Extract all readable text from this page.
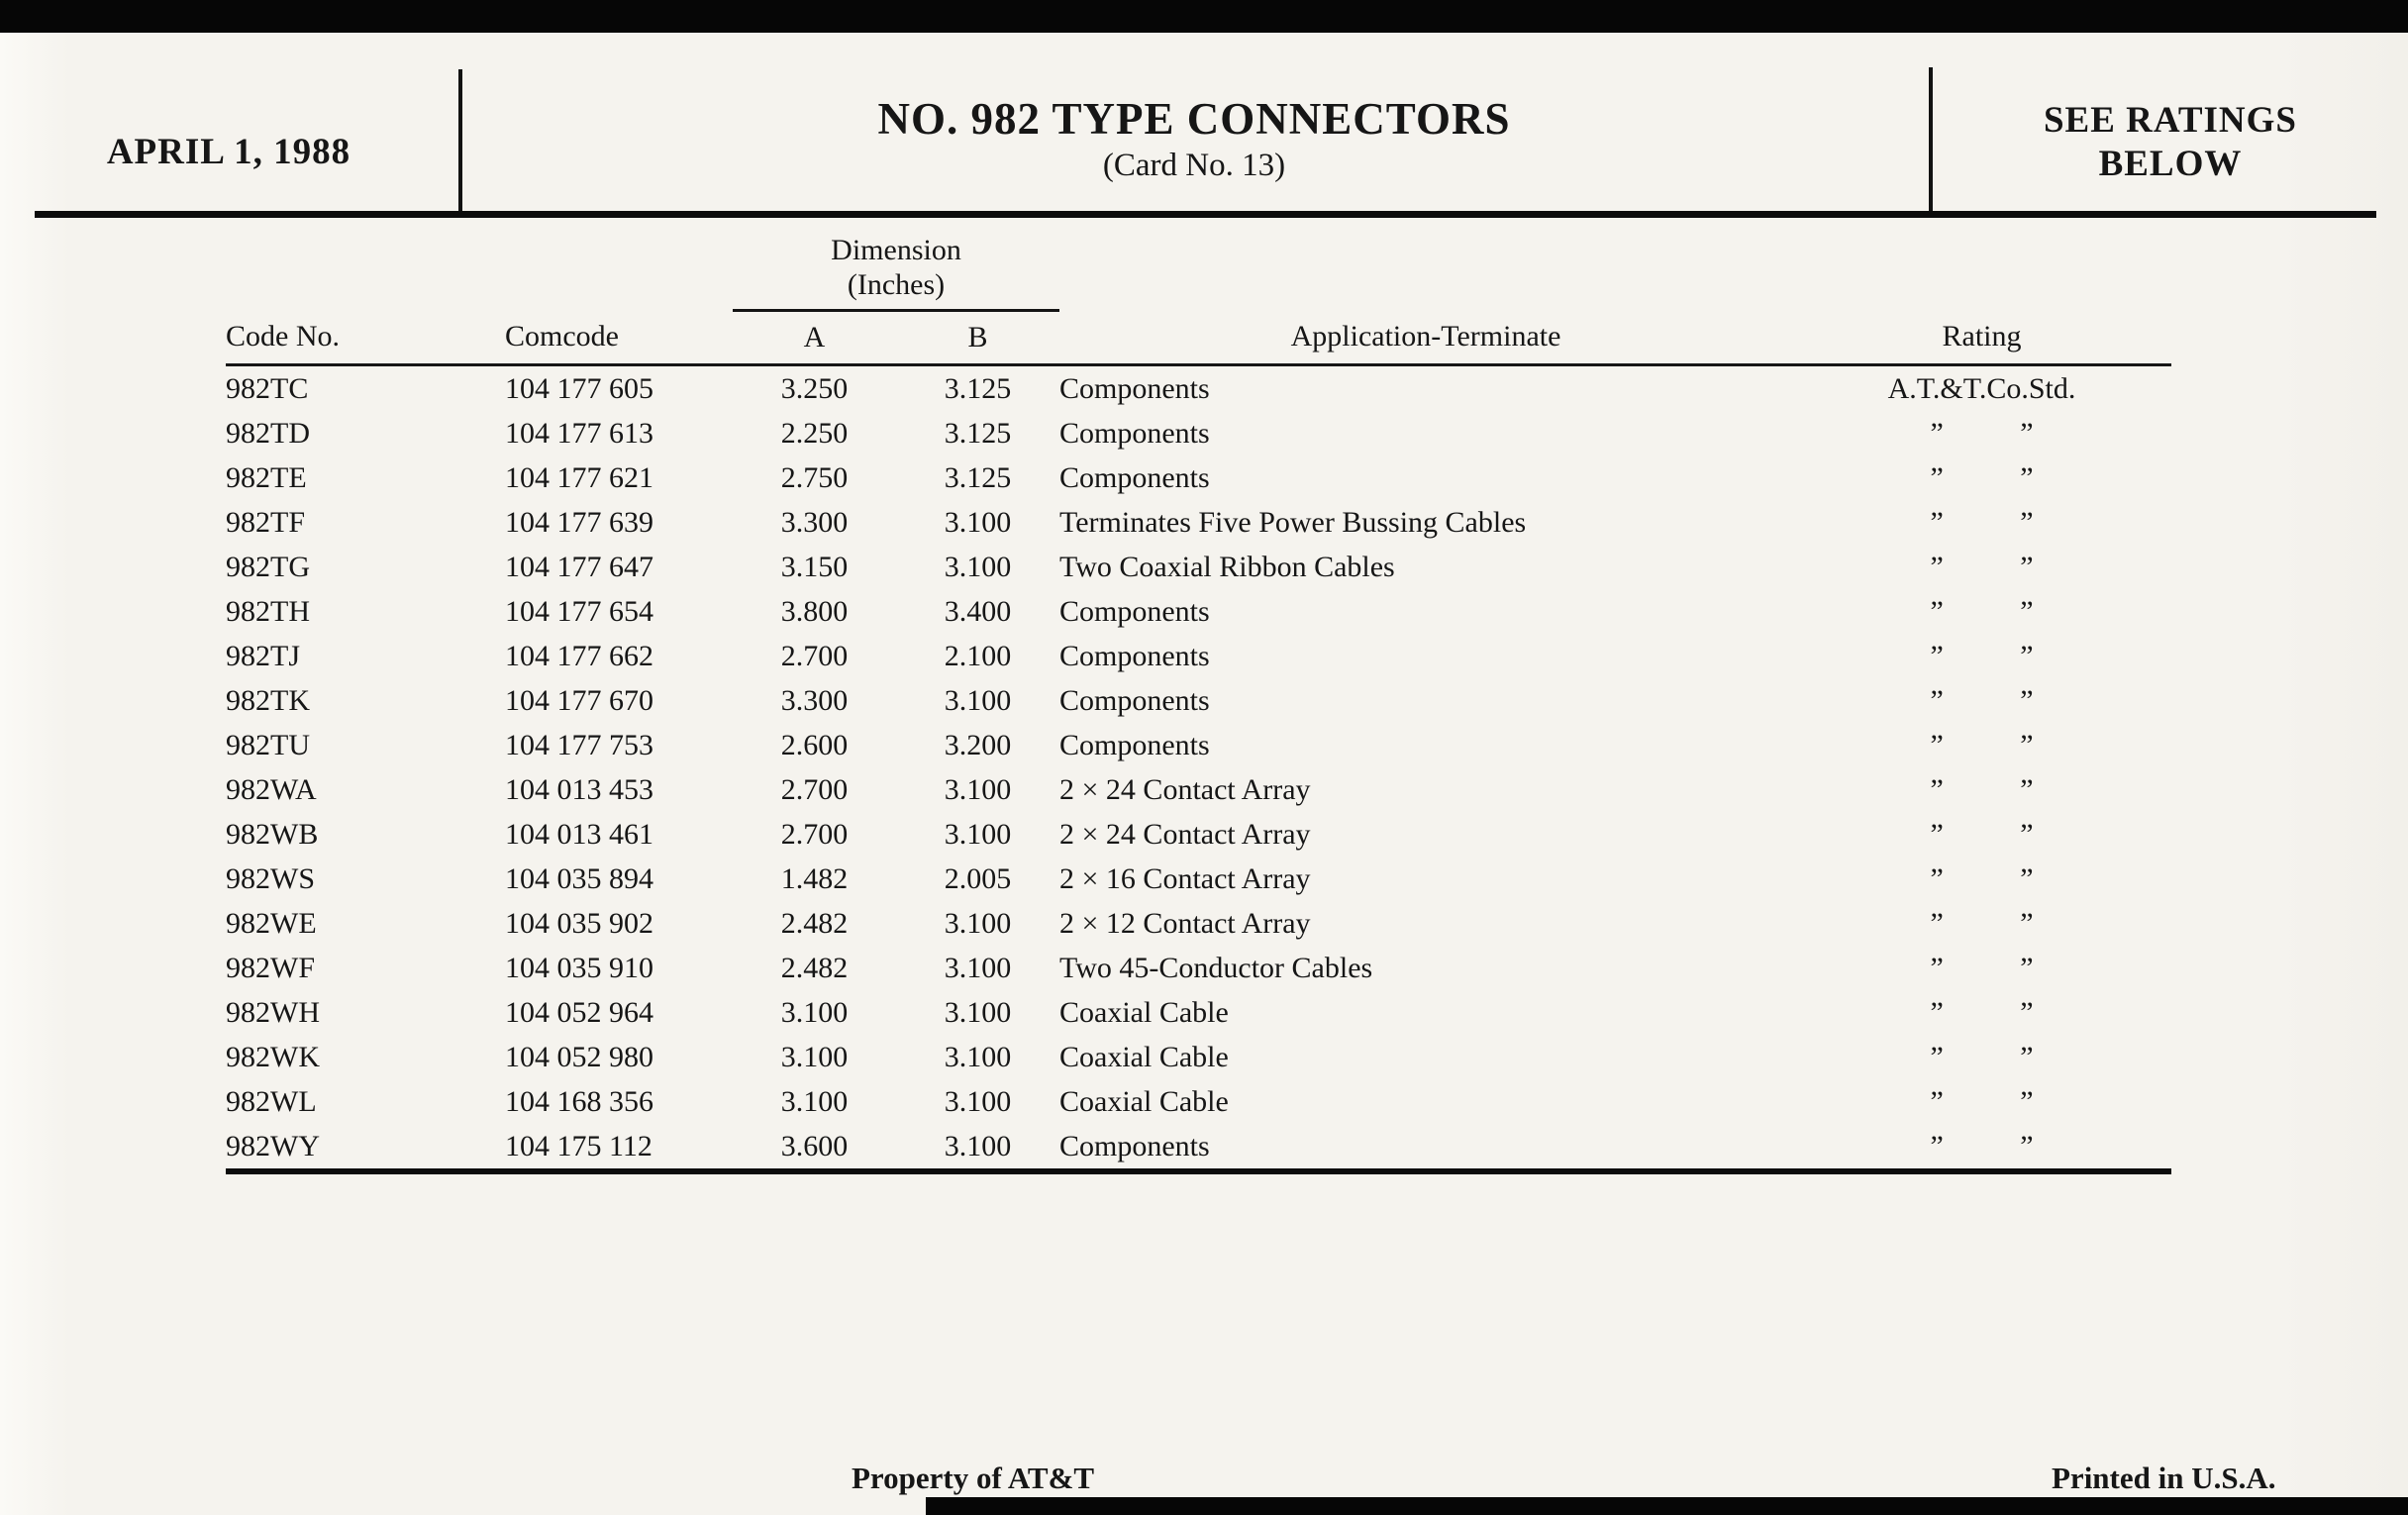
APRIL 1, 1988
NO. 982 TYPE CONNECTORS
(Card No. 13)
SEE RATINGS
BELOW

		Dimension
(Inches)			

Code No.	Comcode	A	B	Application-Terminate	Rating
982TC	104 177 605	3.250	3.125	Components	A.T.&T.Co.Std.
982TD	104 177 613	2.250	3.125	Components	” ”
982TE	104 177 621	2.750	3.125	Components	” ”
982TF	104 177 639	3.300	3.100	Terminates Five Power Bussing Cables	” ”
982TG	104 177 647	3.150	3.100	Two Coaxial Ribbon Cables	” ”
982TH	104 177 654	3.800	3.400	Components	” ”
982TJ	104 177 662	2.700	2.100	Components	” ”
982TK	104 177 670	3.300	3.100	Components	” ”
982TU	104 177 753	2.600	3.200	Components	” ”
982WA	104 013 453	2.700	3.100	2 × 24 Contact Array	” ”
982WB	104 013 461	2.700	3.100	2 × 24 Contact Array	” ”
982WS	104 035 894	1.482	2.005	2 × 16 Contact Array	” ”
982WE	104 035 902	2.482	3.100	2 × 12 Contact Array	” ”
982WF	104 035 910	2.482	3.100	Two 45-Conductor Cables	” ”
982WH	104 052 964	3.100	3.100	Coaxial Cable	” ”
982WK	104 052 980	3.100	3.100	Coaxial Cable	” ”
982WL	104 168 356	3.100	3.100	Coaxial Cable	” ”
982WY	104 175 112	3.600	3.100	Components	” ”
Property of AT&T	Printed in U.S.A.
